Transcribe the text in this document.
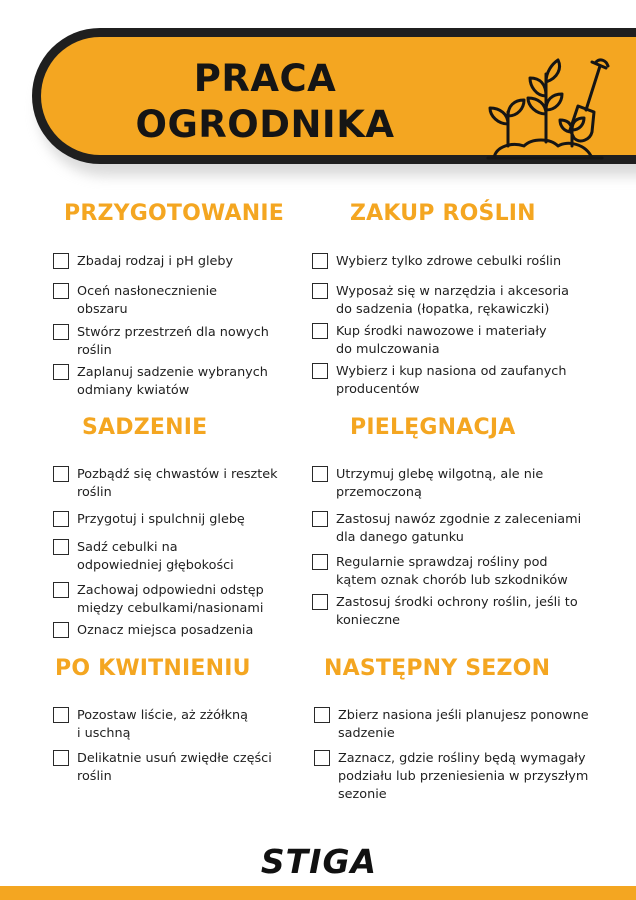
PRACA
OGRODNIKA
PRZYGOTOWANIE
Zbadaj rodzaj i pH gleby
Oceń nasłonecznienie
obszaru
Stwórz przestrzeń dla nowych
roślin
Zaplanuj sadzenie wybranych
odmiany kwiatów
ZAKUP ROŚLIN
Wybierz tylko zdrowe cebulki roślin
Wyposaż się w narzędzia i akcesoria
do sadzenia (łopatka, rękawiczki)
Kup środki nawozowe i materiały
do mulczowania
Wybierz i kup nasiona od zaufanych
producentów
SADZENIE
Pozbądź się chwastów i resztek
roślin
Przygotuj i spulchnij glebę
Sadź cebulki na
odpowiedniej głębokości
Zachowaj odpowiedni odstęp
między cebulkami/nasionami
Oznacz miejsca posadzenia
PIELĘGNACJA
Utrzymuj glebę wilgotną, ale nie
przemoczoną
Zastosuj nawóz zgodnie z zaleceniami
dla danego gatunku
Regularnie sprawdzaj rośliny pod
kątem oznak chorób lub szkodników
Zastosuj środki ochrony roślin, jeśli to
konieczne
PO KWITNIENIU
Pozostaw liście, aż zżółkną
i uschną
Delikatnie usuń zwiędłe części
roślin
NASTĘPNY SEZON
Zbierz nasiona jeśli planujesz ponowne
sadzenie
Zaznacz, gdzie rośliny będą wymagały
podziału lub przeniesienia w przyszłym
sezonie
STIGA
